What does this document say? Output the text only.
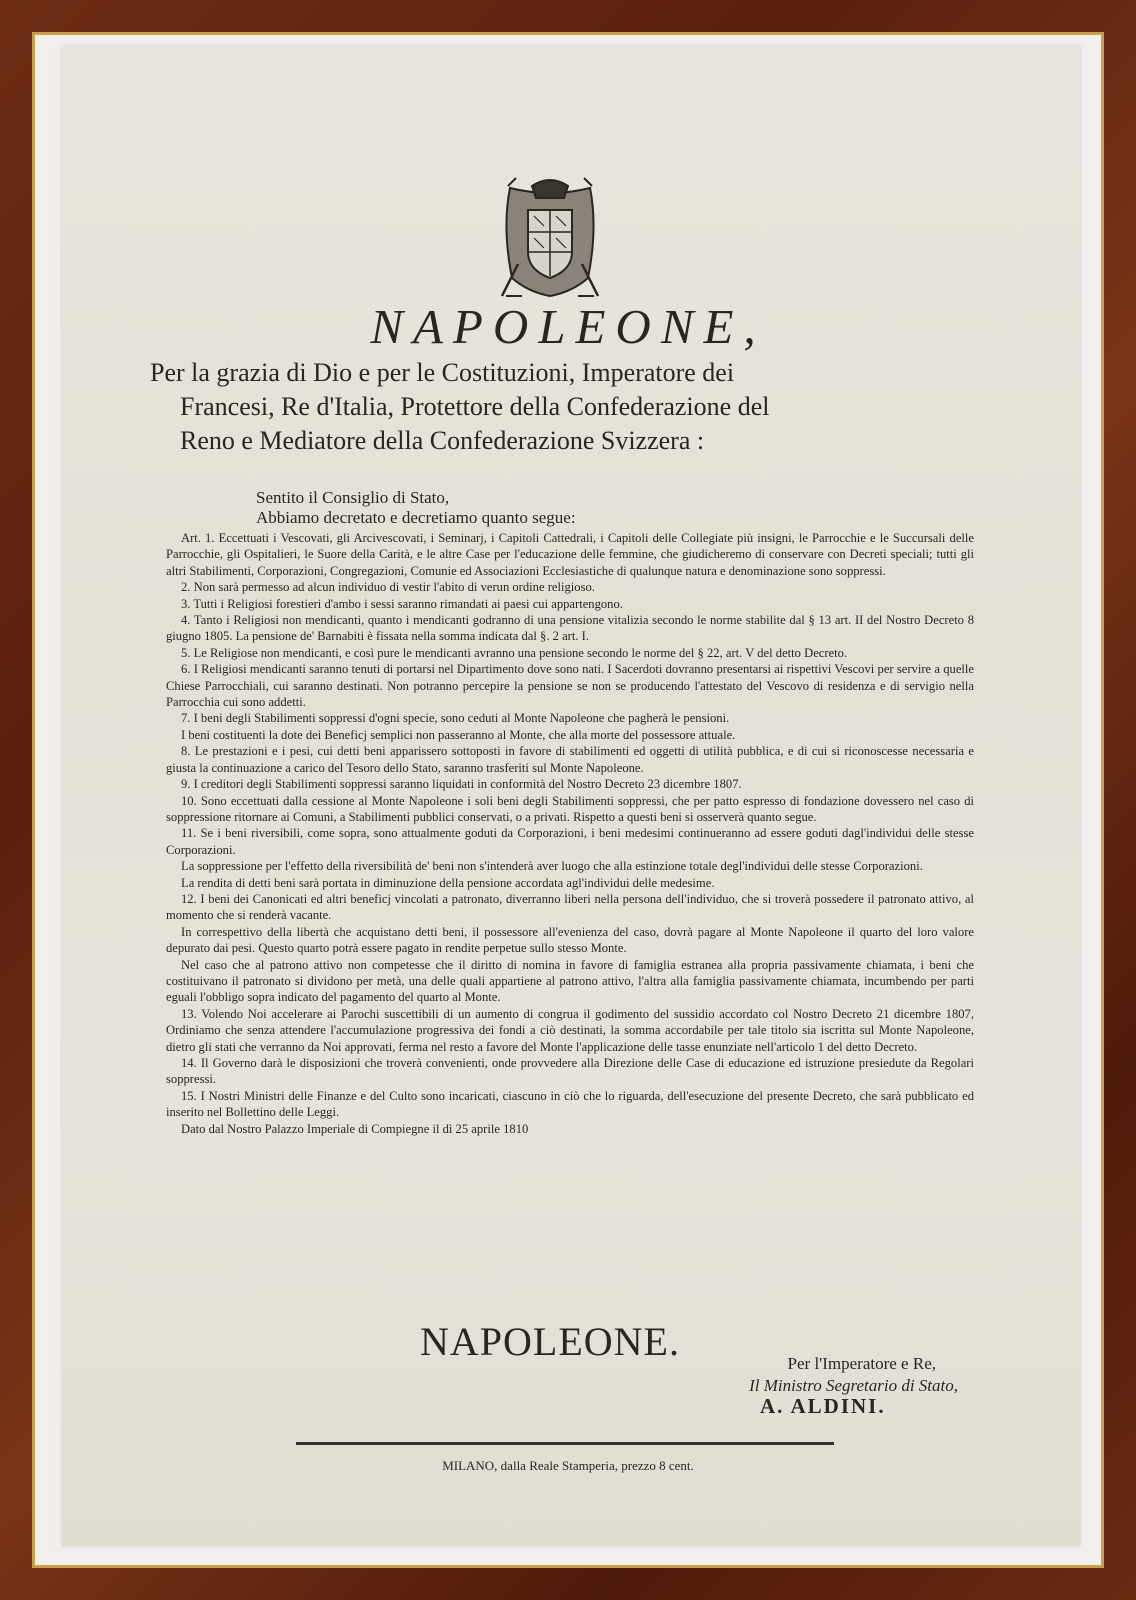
NAPOLEONE,
Per la grazia di Dio e per le Costituzioni, Imperatore dei
Francesi, Re d'Italia, Protettore della Confederazione del
Reno e Mediatore della Confederazione Svizzera :
Sentito il Consiglio di Stato,
Abbiamo decretato e decretiamo quanto segue:

Art. 1. Eccettuati i Vescovati, gli Arcivescovati, i Seminarj, i Capitoli Cattedrali, i Capitoli delle Collegiate più insigni, le Parrocchie e le Succursali delle Parrocchie, gli Ospitalieri, le Suore della Carità, e le altre Case per l'educazione delle femmine, che giudicheremo di conservare con Decreti speciali; tutti gli altri Stabilimenti, Corporazioni, Congregazioni, Comunie ed Associazioni Ecclesiastiche di qualunque natura e denominazione sono soppressi.

2. Non sarà permesso ad alcun individuo di vestir l'abito di verun ordine religioso.

3. Tutti i Religiosi forestieri d'ambo i sessi saranno rimandati ai paesi cui appartengono.

4. Tanto i Religiosi non mendicanti, quanto i mendicanti godranno di una pensione vitalizia secondo le norme stabilite dal § 13 art. II del Nostro Decreto 8 giugno 1805. La pensione de' Barnabiti è fissata nella somma indicata dal §. 2 art. I.

5. Le Religiose non mendicanti, e così pure le mendicanti avranno una pensione secondo le norme del § 22, art. V del detto Decreto.

6. I Religiosi mendicanti saranno tenuti di portarsi nel Dipartimento dove sono nati. I Sacerdoti dovranno presentarsi ai rispettivi Vescovi per servire a quelle Chiese Parrocchiali, cui saranno destinati. Non potranno percepire la pensione se non se producendo l'attestato del Vescovo di residenza e di servigio nella Parrocchia cui sono addetti.

7. I beni degli Stabilimenti soppressi d'ogni specie, sono ceduti al Monte Napoleone che pagherà le pensioni.

I beni costituenti la dote dei Beneficj semplici non passeranno al Monte, che alla morte del possessore attuale.

8. Le prestazioni e i pesi, cui detti beni apparissero sottoposti in favore di stabilimenti ed oggetti di utilità pubblica, e di cui si riconoscesse necessaria e giusta la continuazione a carico del Tesoro dello Stato, saranno trasferiti sul Monte Napoleone.

9. I creditori degli Stabilimenti soppressi saranno liquidati in conformità del Nostro Decreto 23 dicembre 1807.

10. Sono eccettuati dalla cessione al Monte Napoleone i soli beni degli Stabilimenti soppressi, che per patto espresso di fondazione dovessero nel caso di soppressione ritornare ai Comuni, a Stabilimenti pubblici conservati, o a privati. Rispetto a questi beni si osserverà quanto segue.

11. Se i beni riversibili, come sopra, sono attualmente goduti da Corporazioni, i beni medesimi continueranno ad essere goduti dagl'individui delle stesse Corporazioni.

La soppressione per l'effetto della riversibilità de' beni non s'intenderà aver luogo che alla estinzione totale degl'individui delle stesse Corporazioni.

La rendita di detti beni sarà portata in diminuzione della pensione accordata agl'individui delle medesime.

12. I beni dei Canonicati ed altri beneficj vincolati a patronato, diverranno liberi nella persona dell'individuo, che si troverà possedere il patronato attivo, al momento che si renderà vacante.

In correspettivo della libertà che acquistano detti beni, il possessore all'evenienza del caso, dovrà pagare al Monte Napoleone il quarto del loro valore depurato dai pesi. Questo quarto potrà essere pagato in rendite perpetue sullo stesso Monte.

Nel caso che al patrono attivo non competesse che il diritto di nomina in favore di famiglia estranea alla propria passivamente chiamata, i beni che costituivano il patronato si dividono per metà, una delle quali appartiene al patrono attivo, l'altra alla famiglia passivamente chiamata, incumbendo per parti eguali l'obbligo sopra indicato del pagamento del quarto al Monte.

13. Volendo Noi accelerare ai Parochi suscettibili di un aumento di congrua il godimento del sussidio accordato col Nostro Decreto 21 dicembre 1807, Ordiniamo che senza attendere l'accumulazione progressiva dei fondi a ciò destinati, la somma accordabile per tale titolo sia iscritta sul Monte Napoleone, dietro gli stati che verranno da Noi approvati, ferma nel resto a favore del Monte l'applicazione delle tasse enunziate nell'articolo 1 del detto Decreto.

14. Il Governo darà le disposizioni che troverà convenienti, onde provvedere alla Direzione delle Case di educazione ed istruzione presiedute da Regolari soppressi.

15. I Nostri Ministri delle Finanze e del Culto sono incaricati, ciascuno in ciò che lo riguarda, dell'esecuzione del presente Decreto, che sarà pubblicato ed inserito nel Bollettino delle Leggi.

Dato dal Nostro Palazzo Imperiale di Compiegne il dì 25 aprile 1810

NAPOLEONE.	Per l'Imperatore e Re,
Il Ministro Segretario di Stato,
A. ALDINI.
MILANO, dalla Reale Stamperia, prezzo 8 cent.
